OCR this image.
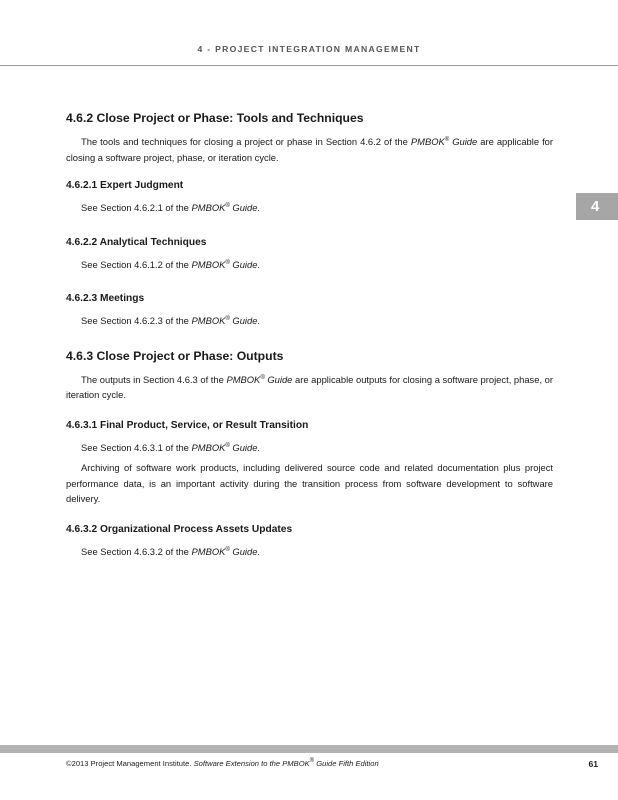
4 - PROJECT INTEGRATION MANAGEMENT
4
4.6.2 Close Project or Phase: Tools and Techniques

The tools and techniques for closing a project or phase in Section 4.6.2 of the PMBOK® Guide are applicable for closing a software project, phase, or iteration cycle.

4.6.2.1 Expert Judgment

See Section 4.6.2.1 of the PMBOK® Guide.

4.6.2.2 Analytical Techniques

See Section 4.6.1.2 of the PMBOK® Guide.

4.6.2.3 Meetings

See Section 4.6.2.3 of the PMBOK® Guide.

4.6.3 Close Project or Phase: Outputs

The outputs in Section 4.6.3 of the PMBOK® Guide are applicable outputs for closing a software project, phase, or iteration cycle.

4.6.3.1 Final Product, Service, or Result Transition

See Section 4.6.3.1 of the PMBOK® Guide.

Archiving of software work products, including delivered source code and related documentation plus project performance data, is an important activity during the transition process from software development to software delivery.

4.6.3.2 Organizational Process Assets Updates

See Section 4.6.3.2 of the PMBOK® Guide.

©2013 Project Management Institute. Software Extension to the PMBOK® Guide Fifth Edition	61
